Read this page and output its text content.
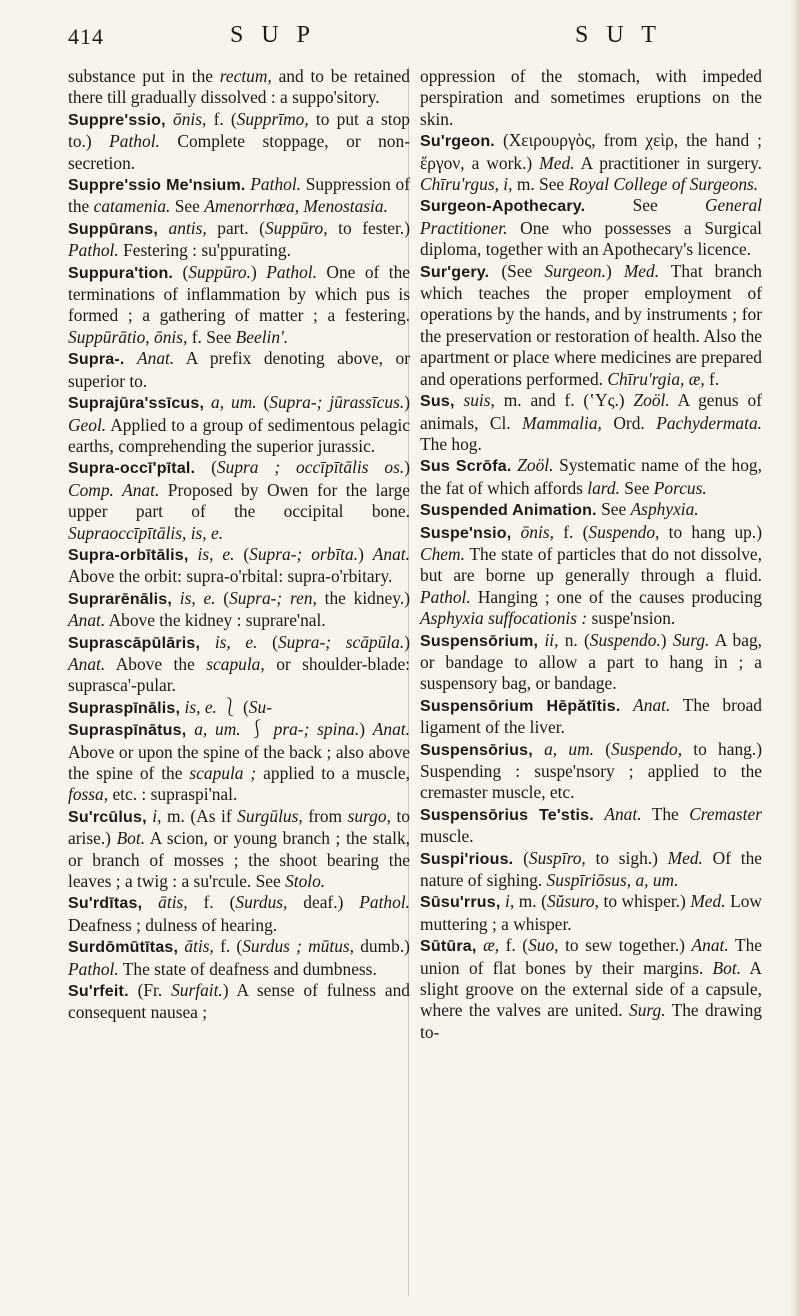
414	S U P	S U T

substance put in the rectum, and to be retained there till gradually dissolved : a suppo'sitory.

Suppre'ssio, ōnis, f. (Supprīmo, to put a stop to.) Pathol. Complete stoppage, or non-secretion.

Suppre'ssio Me'nsium. Pathol. Suppression of the catamenia. See Amenorrhœa, Menostasia.

Suppūrans, antis, part. (Suppūro, to fester.) Pathol. Festering : su'ppurating.

Suppura'tion. (Suppūro.) Pathol. One of the terminations of inflammation by which pus is formed ; a gathering of matter ; a festering. Suppūrātio, ōnis, f. See Beelin'.

Supra-. Anat. A prefix denoting above, or superior to.

Suprajūra'ssīcus, a, um. (Supra-; jūrassīcus.) Geol. Applied to a group of sedimentous pelagic earths, comprehending the superior jurassic.

Supra-occī'pītal. (Supra ; occīpītālis os.) Comp. Anat. Proposed by Owen for the large upper part of the occipital bone. Supraoccīpītālis, is, e.

Supra-orbītālis, is, e. (Supra-; orbīta.) Anat. Above the orbit: supra-o'rbital: supra-o'rbitary.

Suprarēnālis, is, e. (Supra-; ren, the kidney.) Anat. Above the kidney : suprare'nal.

Suprascāpūlāris, is, e. (Supra-; scāpūla.) Anat. Above the scapula, or shoulder-blade: suprasca'-pular.

Supraspīnālis, is, e. ⎱ (Su-

Supraspīnātus, a, um. ⎰ pra-; spina.) Anat. Above or upon the spine of the back ; also above the spine of the scapula ; applied to a muscle, fossa, etc. : supraspi'nal.

Su'rcūlus, i, m. (As if Surgūlus, from surgo, to arise.) Bot. A scion, or young branch ; the stalk, or branch of mosses ; the shoot bearing the leaves ; a twig : a su'rcule. See Stolo.

Su'rdītas, ātis, f. (Surdus, deaf.) Pathol. Deafness ; dulness of hearing.

Surdōmūtītas, ātis, f. (Surdus ; mūtus, dumb.) Pathol. The state of deafness and dumbness.

Su'rfeit. (Fr. Surfait.) A sense of fulness and consequent nausea ;

oppression of the stomach, with impeded perspiration and sometimes eruptions on the skin.

Su'rgeon. (Χειρουργὸς, from χεὶρ, the hand ; ἔργον, a work.) Med. A practitioner in surgery. Chīru'rgus, i, m. See Royal College of Surgeons.

Surgeon-Apothecary. See General Practitioner. One who possesses a Surgical diploma, together with an Apothecary's licence.

Sur'gery. (See Surgeon.) Med. That branch which teaches the proper employment of operations by the hands, and by instruments ; for the preservation or restoration of health. Also the apartment or place where medicines are prepared and operations performed. Chīru'rgia, æ, f.

Sus, suis, m. and f. (ʽΥς.) Zoöl. A genus of animals, Cl. Mammalia, Ord. Pachydermata. The hog.

Sus Scrōfa. Zoöl. Systematic name of the hog, the fat of which affords lard. See Porcus.

Suspended Animation. See Asphyxia.

Suspe'nsio, ōnis, f. (Suspendo, to hang up.) Chem. The state of particles that do not dissolve, but are borne up generally through a fluid. Pathol. Hanging ; one of the causes producing Asphyxia suffocationis : suspe'nsion.

Suspensōrium, ii, n. (Suspendo.) Surg. A bag, or bandage to allow a part to hang in ; a suspensory bag, or bandage.

Suspensōrium Hēpătītis. Anat. The broad ligament of the liver.

Suspensōrius, a, um. (Suspendo, to hang.) Suspending : suspe'nsory ; applied to the cremaster muscle, etc.

Suspensōrius Te'stis. Anat. The Cremaster muscle.

Suspi'rious. (Suspīro, to sigh.) Med. Of the nature of sighing. Suspīriōsus, a, um.

Sūsu'rrus, i, m. (Sŭsuro, to whisper.) Med. Low muttering ; a whisper.

Sūtūra, æ, f. (Suo, to sew together.) Anat. The union of flat bones by their margins. Bot. A slight groove on the external side of a capsule, where the valves are united. Surg. The drawing to-
